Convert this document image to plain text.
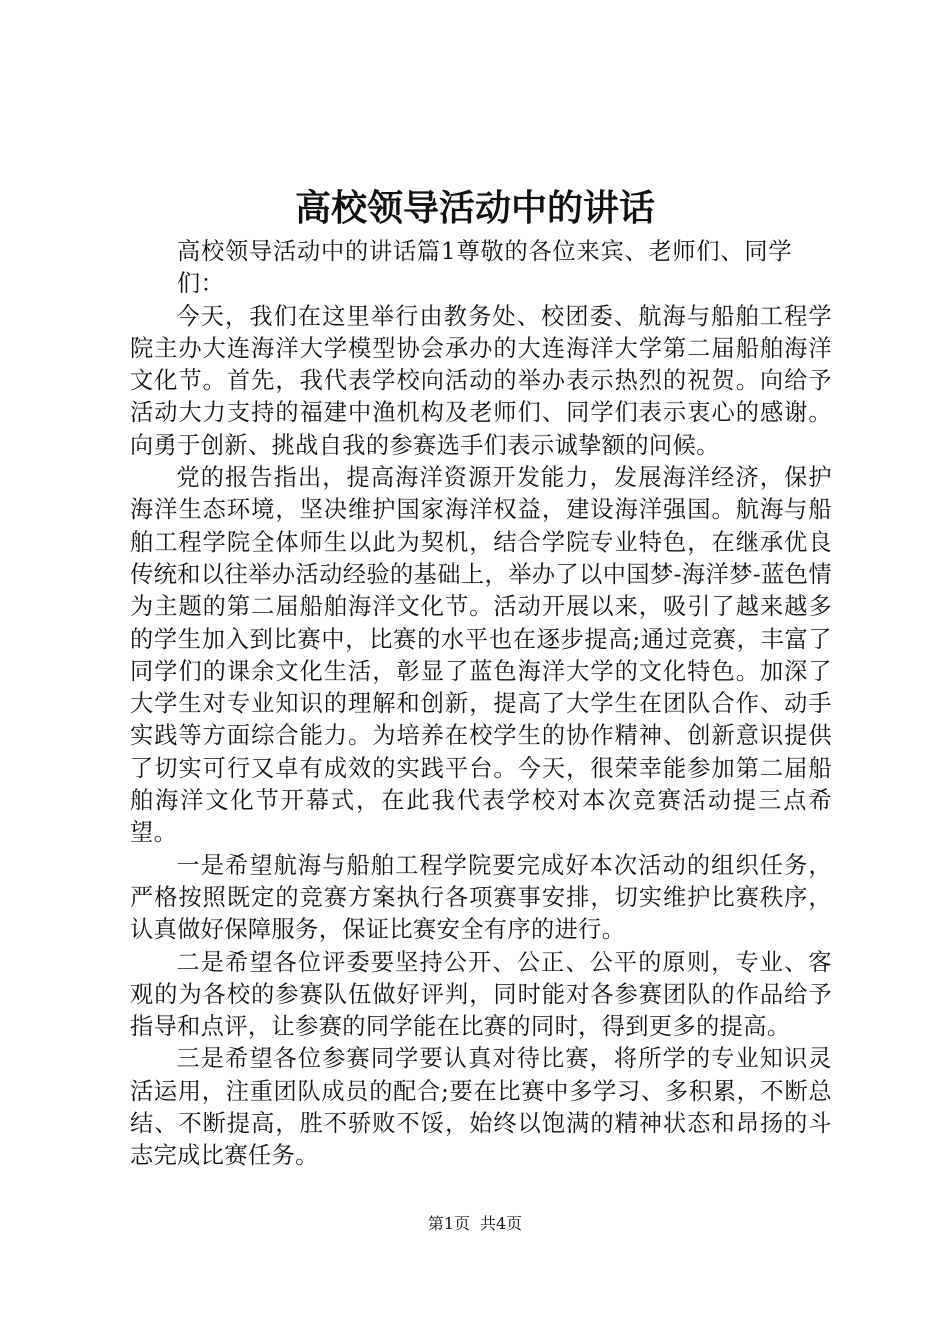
高校领导活动中的讲话

高校领导活动中的讲话篇1尊敬的各位来宾、老师们、同学们：

今天，我们在这里举行由教务处、校团委、航海与船舶工程学院主办大连海洋大学模型协会承办的大连海洋大学第二届船舶海洋文化节。首先，我代表学校向活动的举办表示热烈的祝贺。向给予活动大力支持的福建中渔机构及老师们、同学们表示衷心的感谢。向勇于创新、挑战自我的参赛选手们表示诚挚额的问候。

党的报告指出，提高海洋资源开发能力，发展海洋经济，保护海洋生态环境，坚决维护国家海洋权益，建设海洋强国。航海与船舶工程学院全体师生以此为契机，结合学院专业特色，在继承优良传统和以往举办活动经验的基础上，举办了以中国梦-海洋梦-蓝色情为主题的第二届船舶海洋文化节。活动开展以来，吸引了越来越多的学生加入到比赛中，比赛的水平也在逐步提高;通过竞赛，丰富了同学们的课余文化生活，彰显了蓝色海洋大学的文化特色。加深了大学生对专业知识的理解和创新，提高了大学生在团队合作、动手实践等方面综合能力。为培养在校学生的协作精神、创新意识提供了切实可行又卓有成效的实践平台。今天，很荣幸能参加第二届船舶海洋文化节开幕式，在此我代表学校对本次竞赛活动提三点希望。

一是希望航海与船舶工程学院要完成好本次活动的组织任务，严格按照既定的竞赛方案执行各项赛事安排，切实维护比赛秩序，认真做好保障服务，保证比赛安全有序的进行。

二是希望各位评委要坚持公开、公正、公平的原则，专业、客观的为各校的参赛队伍做好评判，同时能对各参赛团队的作品给予指导和点评，让参赛的同学能在比赛的同时，得到更多的提高。

三是希望各位参赛同学要认真对待比赛，将所学的专业知识灵活运用，注重团队成员的配合;要在比赛中多学习、多积累，不断总结、不断提高，胜不骄败不馁，始终以饱满的精神状态和昂扬的斗志完成比赛任务。

第1页 共4页
